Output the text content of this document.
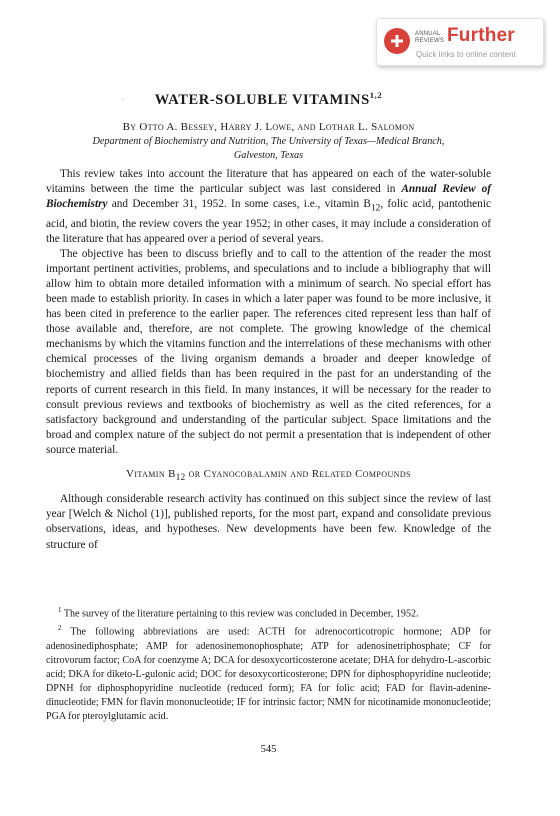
ANNUAL
REVIEWS Further
Quick links to online content
·	WATER-SOLUBLE VITAMINS$^{1,2}$
By Otto A. Bessey, Harry J. Lowe, and Lothar L. Salomon
Department of Biochemistry and Nutrition, The University of Texas—Medical Branch,
Galveston, Texas

This review takes into account the literature that has appeared on each of the water-soluble vitamins between the time the particular subject was last considered in Annual Review of Biochemistry and December 31, 1952. In some cases, i.e., vitamin $B_{12}$, folic acid, pantothenic acid, and biotin, the review covers the year 1952; in other cases, it may include a consideration of the literature that has appeared over a period of several years.

The objective has been to discuss briefly and to call to the attention of the reader the most important pertinent activities, problems, and speculations and to include a bibliography that will allow him to obtain more detailed information with a minimum of search. No special effort has been made to establish priority. In cases in which a later paper was found to be more inclusive, it has been cited in preference to the earlier paper. The references cited represent less than half of those available and, therefore, are not complete. The growing knowledge of the chemical mechanisms by which the vitamins function and the interrelations of these mechanisms with other chemical processes of the living organism demands a broader and deeper knowledge of biochemistry and allied fields than has been required in the past for an understanding of the reports of current research in this field. In many instances, it will be necessary for the reader to consult previous reviews and textbooks of biochemistry as well as the cited references, for a satisfactory background and understanding of the particular subject. Space limitations and the broad and complex nature of the subject do not permit a presentation that is independent of other source material.

Vitamin $B_{12}$ or Cyanocobalamin and Related Compounds

Although considerable research activity has continued on this subject since the review of last year [Welch & Nichol (1)], published reports, for the most part, expand and consolidate previous observations, ideas, and hypotheses. New developments have been few. Knowledge of the structure of

$^1$ The survey of the literature pertaining to this review was concluded in December, 1952.

$^2$ The following abbreviations are used: ACTH for adrenocorticotropic hormone; ADP for adenosinediphosphate; AMP for adenosinemonophosphate; ATP for adenosinetriphosphate; CF for citrovorum factor; CoA for coenzyme A; DCA for desoxycorticosterone acetate; DHA for dehydro-L-ascorbic acid; DKA for diketo-L-gulonic acid; DOC for desoxycorticosterone; DPN for diphosphopyridine nucleotide; DPNH for diphosphopyridine nucleotide (reduced form); FA for folic acid; FAD for flavin-adenine-dinucleotide; FMN for flavin mononucleotide; IF for intrinsic factor; NMN for nicotinamide mononucleotide; PGA for pteroylglutamic acid.

545
